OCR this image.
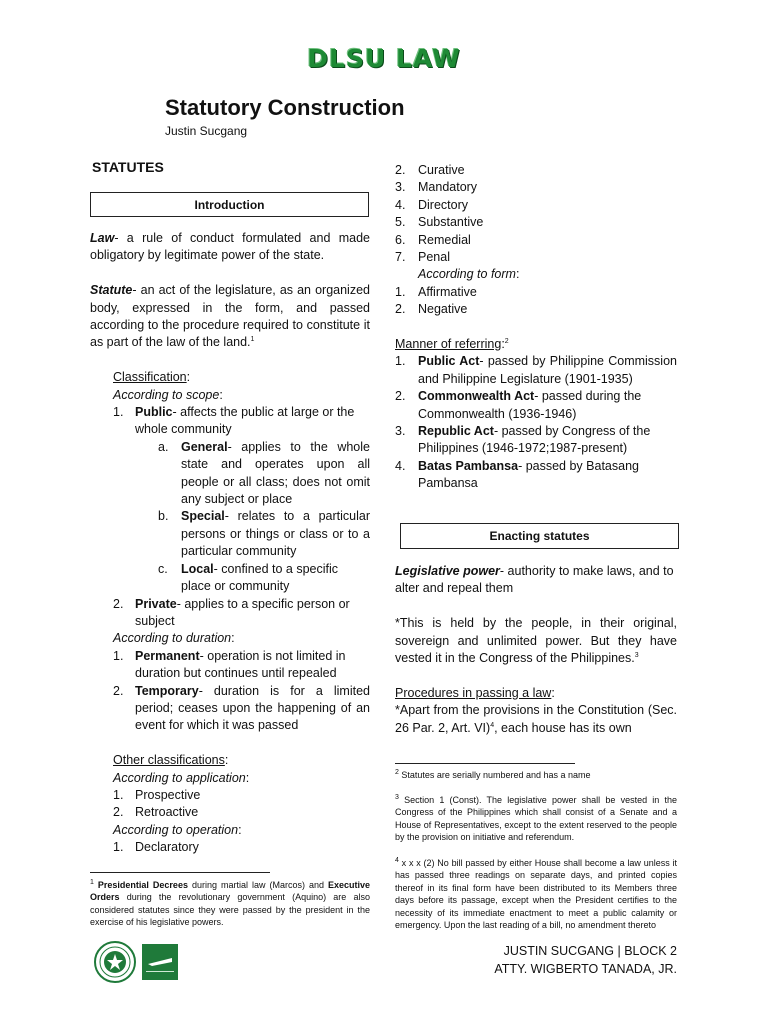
DLSU LAW
Statutory Construction
Justin Sucgang
STATUTES
Introduction

Law- a rule of conduct formulated and made obligatory by legitimate power of the state.

Statute- an act of the legislature, as an organized body, expressed in the form, and passed according to the procedure required to constitute it as part of the law of the land.$^1$

Classification:

According to scope:

1. Public- affects the public at large or the whole community
a.	General- applies to the whole state and operates upon all people or all class; does not omit any subject or place
b.	Special- relates to a particular persons or things or class or to a particular community
c.	Local- confined to a specific place or community
2. Private- applies to a specific person or subject

According to duration:

1. Permanent- operation is not limited in duration but continues until repealed
2. Temporary- duration is for a limited period; ceases upon the happening of an event for which it was passed

Other classifications:

According to application:

1. Prospective
2. Retroactive

According to operation:

1. Declaratory
$^1$ Presidential Decrees during martial law (Marcos) and Executive Orders during the revolutionary government (Aquino) are also considered statutes since they were passed by the president in the exercise of his legislative powers.
2.	Curative
3.	Mandatory
4.	Directory
5.	Substantive
6.	Remedial
7.	Penal

According to form:

1.	Affirmative
2.	Negative

Manner of referring:$^2$

1.	Public Act- passed by Philippine Commission and Philippine Legislature (1901-1935)
2.	Commonwealth Act- passed during the Commonwealth (1936-1946)
3.	Republic Act- passed by Congress of the Philippines (1946-1972;1987-present)
4.	Batas Pambansa- passed by Batasang Pambansa
Enacting statutes

Legislative power- authority to make laws, and to alter and repeal them

*This is held by the people, in their original, sovereign and unlimited power. But they have vested it in the Congress of the Philippines.$^3$

Procedures in passing a law:

*Apart from the provisions in the Constitution (Sec. 26 Par. 2, Art. VI)$^4$, each house has its own

$^2$ Statutes are serially numbered and has a name
$^3$ Section 1 (Const). The legislative power shall be vested in the Congress of the Philippines which shall consist of a Senate and a House of Representatives, except to the extent reserved to the people by the provision on initiative and referendum.
$^4$ x x x (2) No bill passed by either House shall become a law unless it has passed three readings on separate days, and printed copies thereof in its final form have been distributed to its Members three days before its passage, except when the President certifies to the necessity of its immediate enactment to meet a public calamity or emergency. Upon the last reading of a bill, no amendment thereto
JUSTIN SUCGANG | BLOCK 2
ATTY. WIGBERTO TANADA, JR.
